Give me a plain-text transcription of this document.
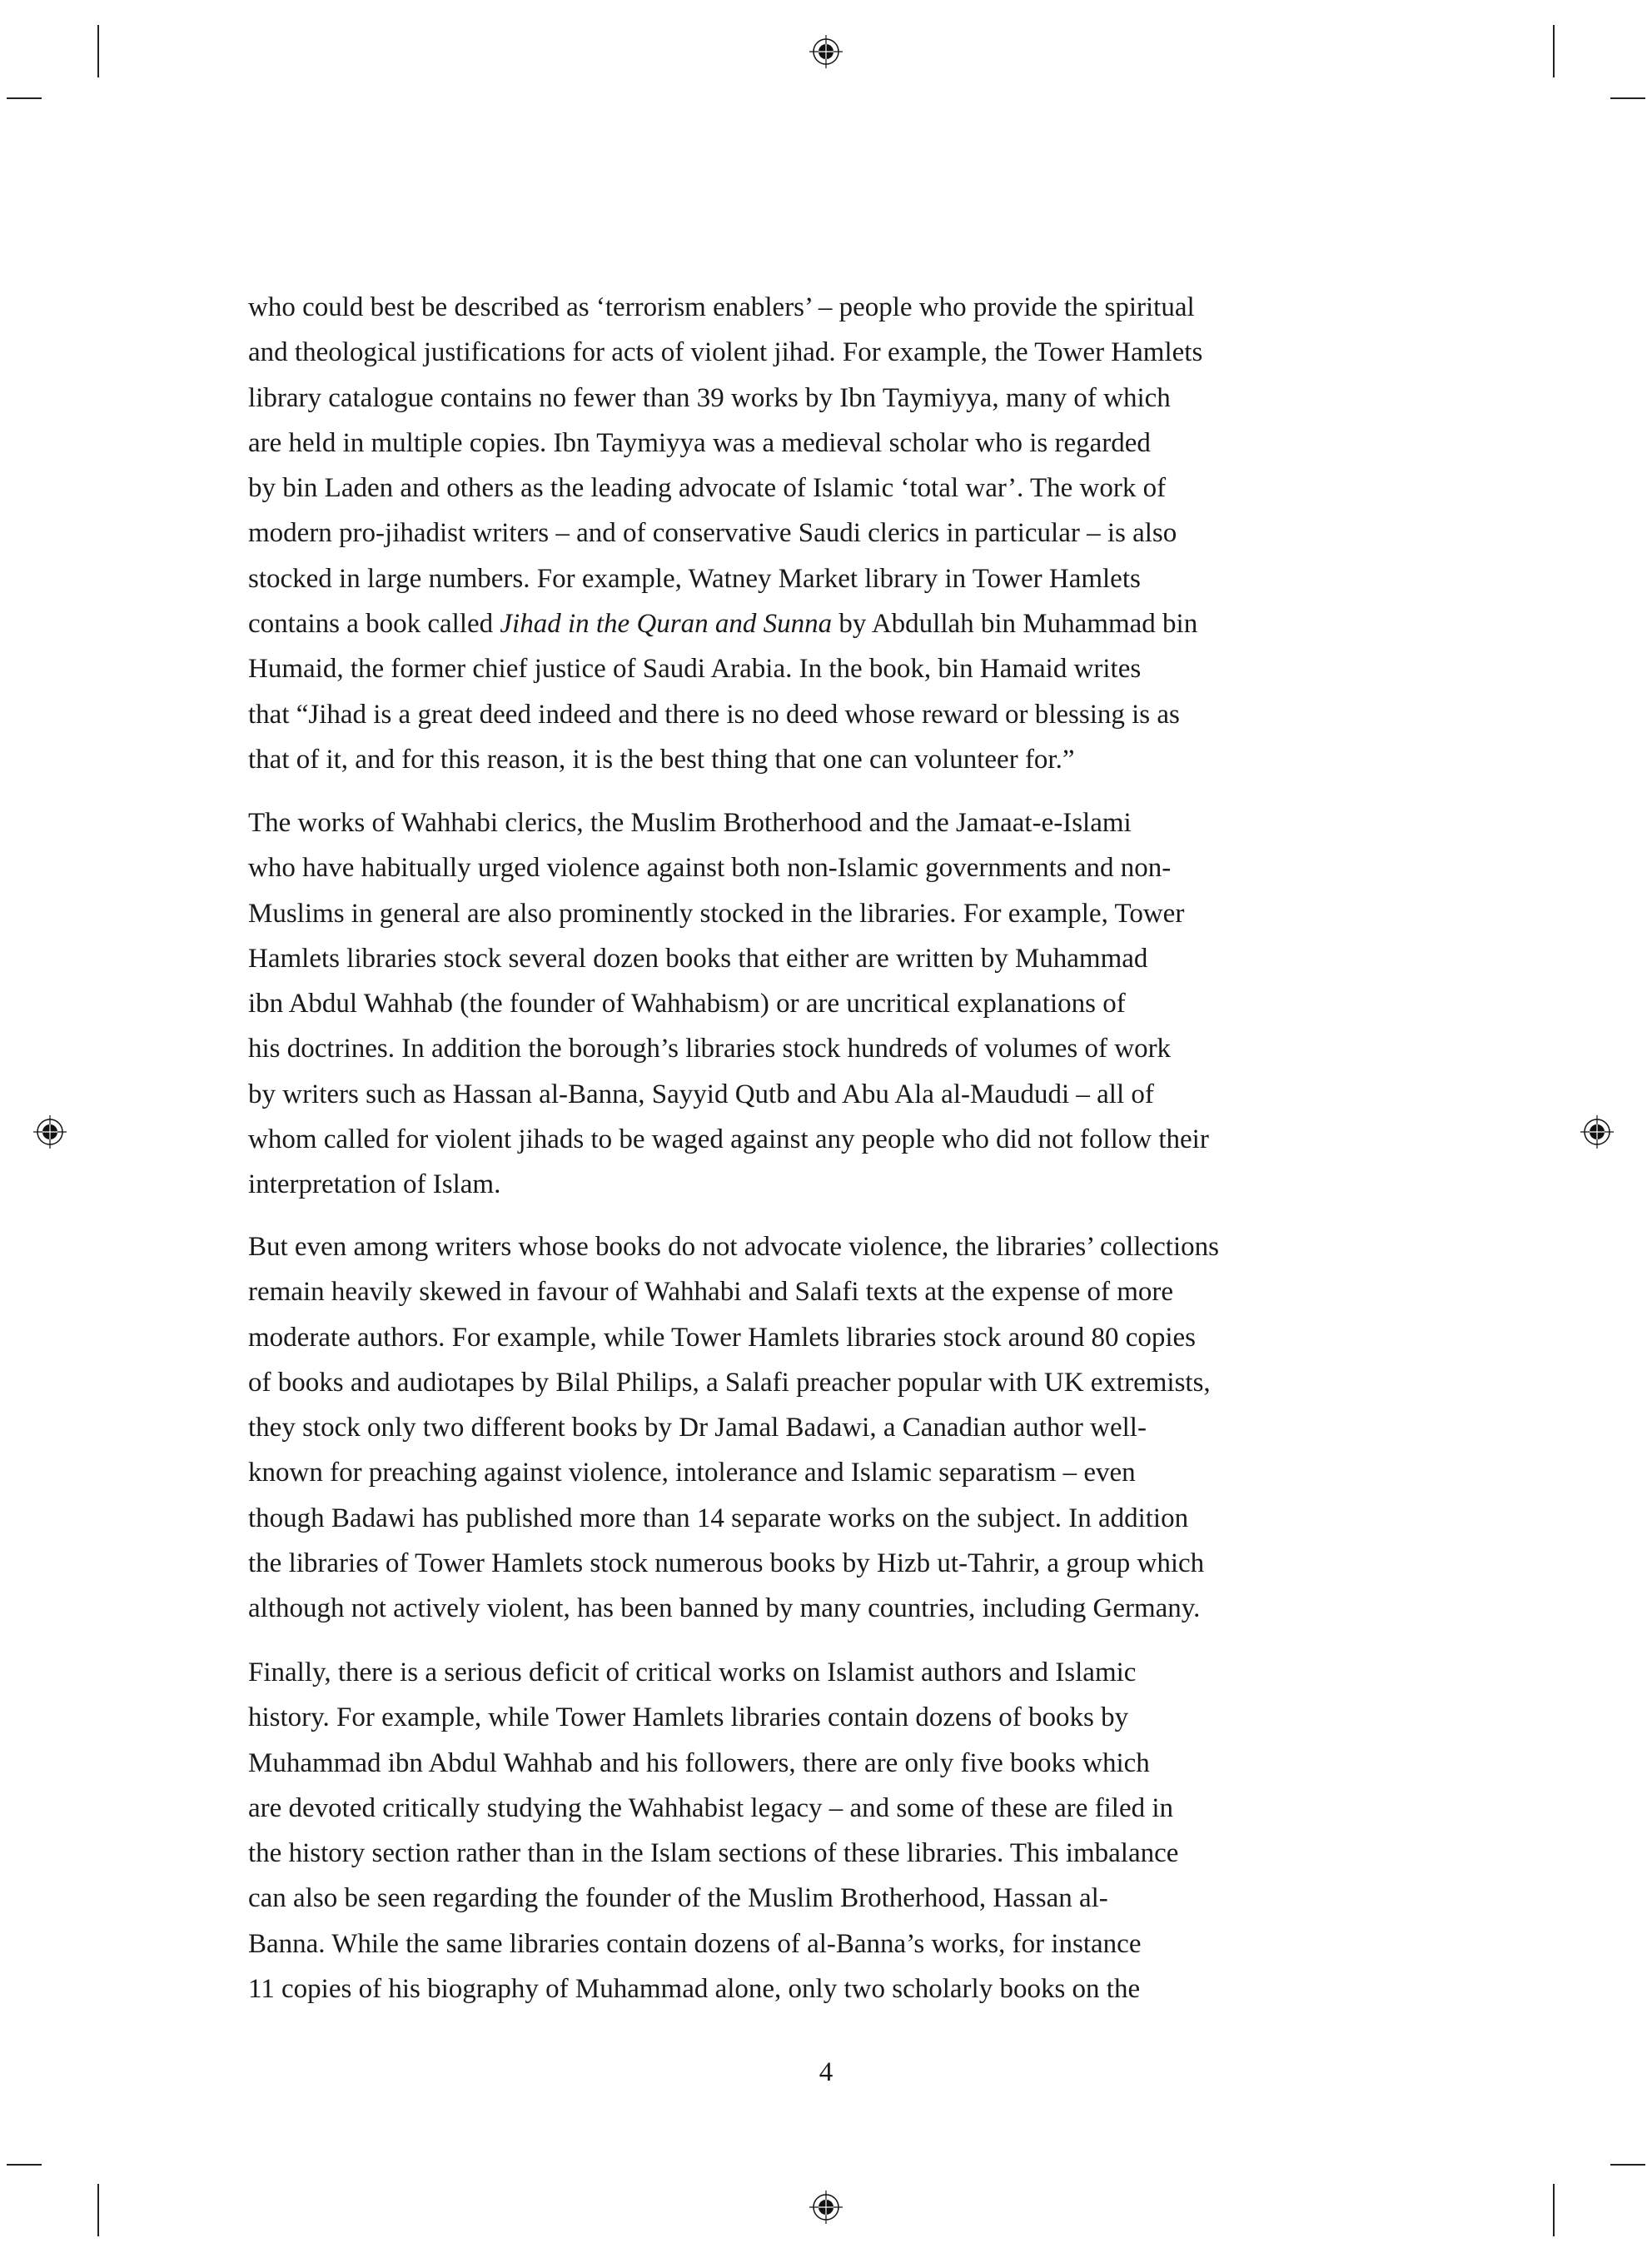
who could best be described as ‘terrorism enablers’ – people who provide the spiritual
and theological justifications for acts of violent jihad. For example, the Tower Hamlets
library catalogue contains no fewer than 39 works by Ibn Taymiyya, many of which
are held in multiple copies. Ibn Taymiyya was a medieval scholar who is regarded
by bin Laden and others as the leading advocate of Islamic ‘total war’. The work of
modern pro-jihadist writers – and of conservative Saudi clerics in particular – is also
stocked in large numbers. For example, Watney Market library in Tower Hamlets
contains a book called Jihad in the Quran and Sunna by Abdullah bin Muhammad bin
Humaid, the former chief justice of Saudi Arabia. In the book, bin Hamaid writes
that “Jihad is a great deed indeed and there is no deed whose reward or blessing is as
that of it, and for this reason, it is the best thing that one can volunteer for.”
The works of Wahhabi clerics, the Muslim Brotherhood and the Jamaat-e-Islami
who have habitually urged violence against both non-Islamic governments and non-
Muslims in general are also prominently stocked in the libraries. For example, Tower
Hamlets libraries stock several dozen books that either are written by Muhammad
ibn Abdul Wahhab (the founder of Wahhabism) or are uncritical explanations of
his doctrines. In addition the borough’s libraries stock hundreds of volumes of work
by writers such as Hassan al-Banna, Sayyid Qutb and Abu Ala al-Maududi – all of
whom called for violent jihads to be waged against any people who did not follow their
interpretation of Islam.
But even among writers whose books do not advocate violence, the libraries’ collections
remain heavily skewed in favour of Wahhabi and Salafi texts at the expense of more
moderate authors. For example, while Tower Hamlets libraries stock around 80 copies
of books and audiotapes by Bilal Philips, a Salafi preacher popular with UK extremists,
they stock only two different books by Dr Jamal Badawi, a Canadian author well-
known for preaching against violence, intolerance and Islamic separatism – even
though Badawi has published more than 14 separate works on the subject. In addition
the libraries of Tower Hamlets stock numerous books by Hizb ut-Tahrir, a group which
although not actively violent, has been banned by many countries, including Germany.
Finally, there is a serious deficit of critical works on Islamist authors and Islamic
history. For example, while Tower Hamlets libraries contain dozens of books by
Muhammad ibn Abdul Wahhab and his followers, there are only five books which
are devoted critically studying the Wahhabist legacy – and some of these are filed in
the history section rather than in the Islam sections of these libraries. This imbalance
can also be seen regarding the founder of the Muslim Brotherhood, Hassan al-
Banna. While the same libraries contain dozens of al-Banna’s works, for instance
11 copies of his biography of Muhammad alone, only two scholarly books on the
4
